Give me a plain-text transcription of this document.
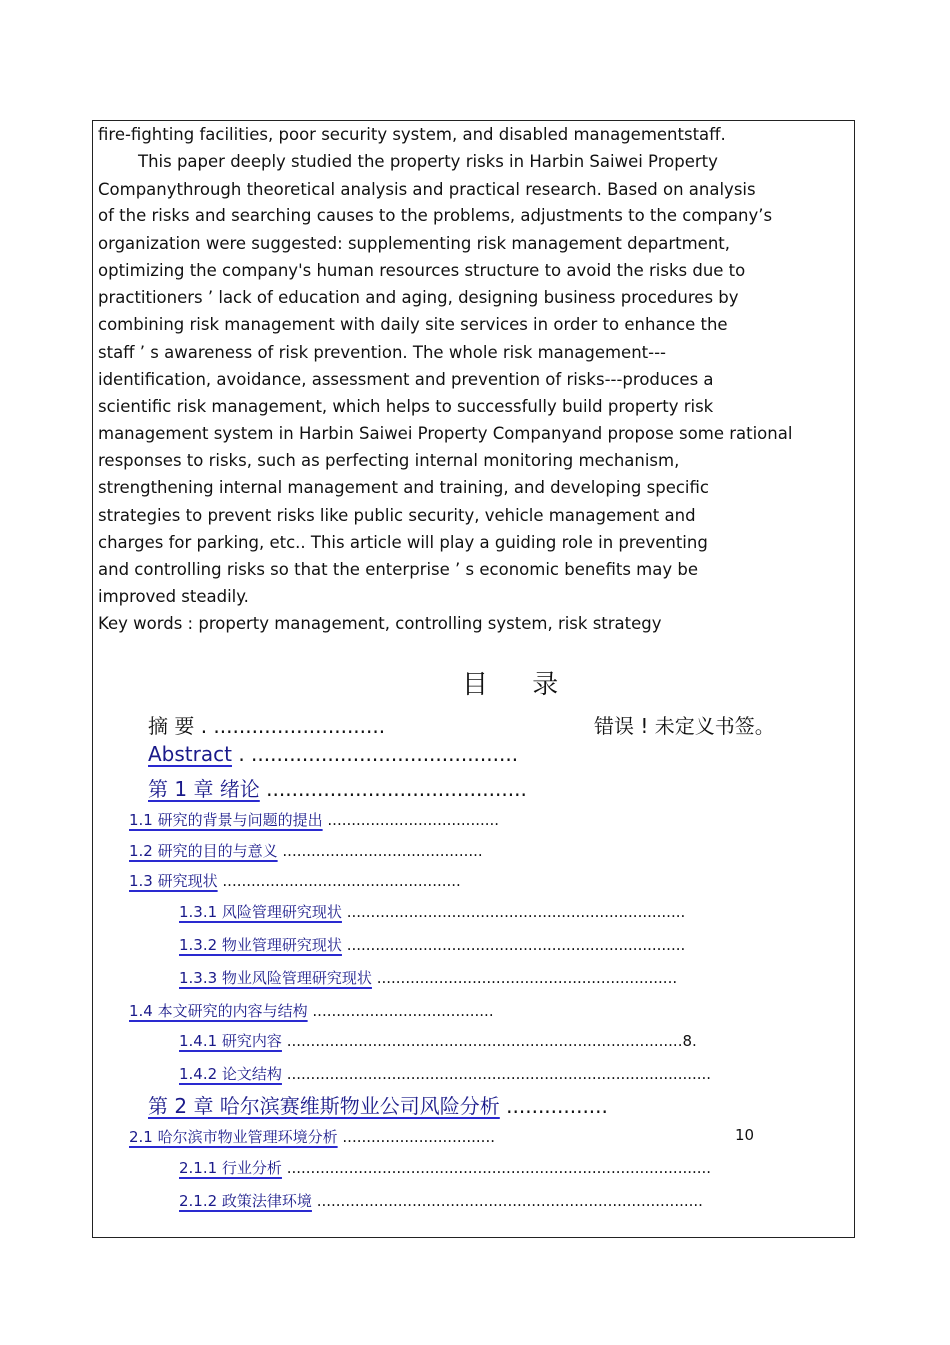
fire-fighting facilities, poor security system, and disabled managementstaff.
This paper deeply studied the property risks in Harbin Saiwei Property
Companythrough theoretical analysis and practical research. Based on analysis
of the risks and searching causes to the problems, adjustments to the company’s
organization were suggested: supplementing risk management department,
optimizing the company's human resources structure to avoid the risks due to
practitioners ’ lack of education and aging, designing business procedures by
combining risk management with daily site services in order to enhance the
staff ’ s awareness of risk prevention. The whole risk management---
identification, avoidance, assessment and prevention of risks---produces a
scientific risk management, which helps to successfully build property risk
management system in Harbin Saiwei Property Companyand propose some rational
responses to risks, such as perfecting internal monitoring mechanism,
strengthening internal management and training, and developing specific
strategies to prevent risks like public security, vehicle management and
charges for parking, etc.. This article will play a guiding role in preventing
and controlling risks so that the enterprise ’ s economic benefits may be
improved steadily.
Key words : property management, controlling system, risk strategy
目 录
摘 要 . ...........................	错误 ! 未定义书签。
Abstract . ..........................................
第 1 章 绪论 .........................................
1.1 研究的背景与问题的提出 ....................................
1.2 研究的目的与意义 ..........................................
1.3 研究现状 ..................................................
1.3.1 风险管理研究现状 .......................................................................
1.3.2 物业管理研究现状 .......................................................................
1.3.3 物业风险管理研究现状 ...............................................................
1.4 本文研究的内容与结构 ......................................
1.4.1 研究内容 ...................................................................................8.
1.4.2 论文结构 .........................................................................................
第 2 章 哈尔滨赛维斯物业公司风险分析 ................
2.1 哈尔滨市物业管理环境分析 ................................	10
2.1.1 行业分析 .........................................................................................
2.1.2 政策法律环境 .................................................................................
